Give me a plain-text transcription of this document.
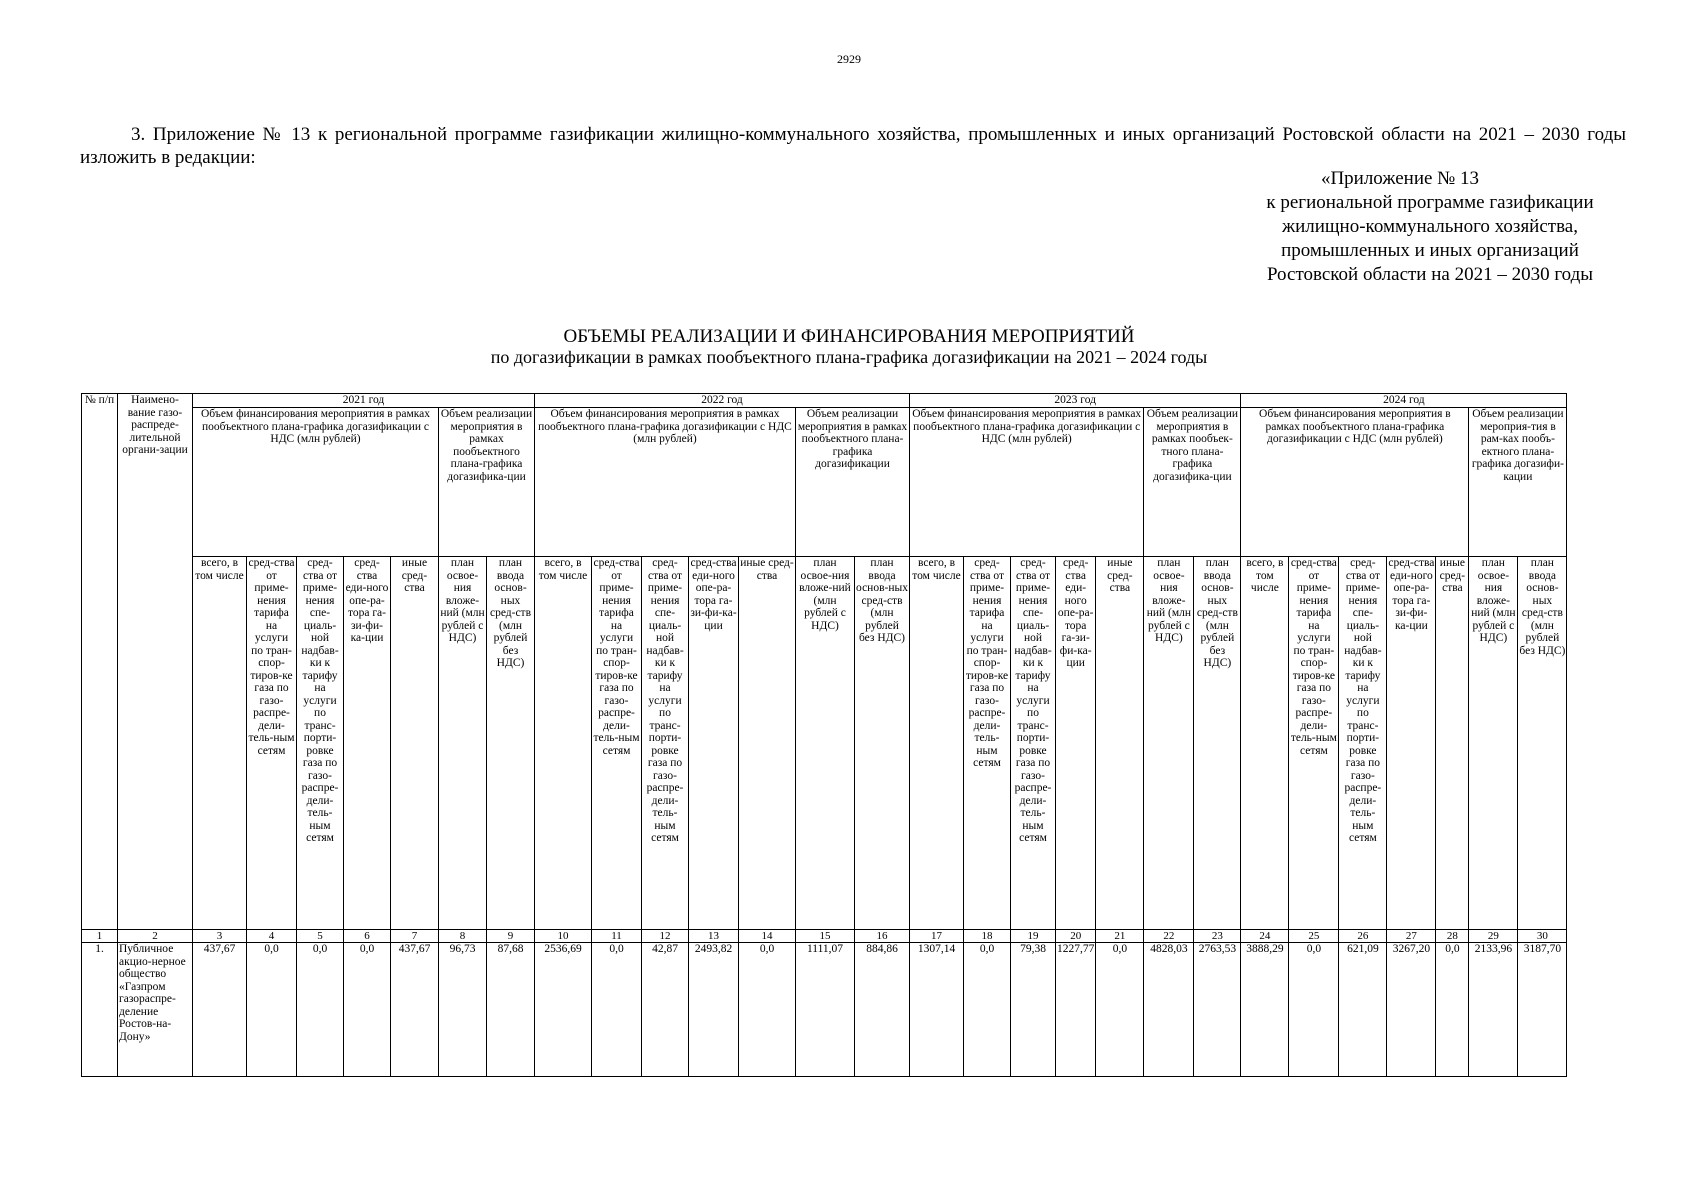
2929
3. Приложение № 13 к региональной программе газификации жилищно-коммунального хозяйства, промышленных и иных организаций Ростовской области на 2021 – 2030 годы изложить в редакции:
«Приложение № 13
к региональной программе газификации
жилищно-коммунального хозяйства,
промышленных и иных организаций
Ростовской области на 2021 – 2030 годы
ОБЪЕМЫ РЕАЛИЗАЦИИ И ФИНАНСИРОВАНИЯ МЕРОПРИЯТИЙ
по догазификации в рамках пообъектного плана-графика догазификации на 2021 – 2024 годы
№ п/п	Наимено-вание газо-распреде-лительной органи-зации	2021 год							2022 год							2023 год							2024 год						
		Объем финансирования мероприятия в рамках пообъектного плана-графика догазификации с НДС (млн рублей)					Объем реализации мероприятия в рамках пообъектного плана-графика догазифика-ции		Объем финансирования мероприятия в рамках пообъектного плана-графика догазификации с НДС (млн рублей)					Объем реализации мероприятия в рамках пообъектного плана-графика догазификации		Объем финансирования мероприятия в рамках пообъектного плана-графика догазификации с НДС (млн рублей)					Объем реализации мероприятия в рамках пообъек-тного плана-графика догазифика-ции		Объем финансирования мероприятия в рамках пообъектного плана-графика догазификации с НДС (млн рублей)					Объем реализации мероприя-тия в рам-ках пообъ-ектного плана-графика догазифи-кации	
		всего, в том числе	сред-ства от приме-нения тарифа на услуги по тран-спор-тиров-ке газа по газо-распре-дели-тель-ным сетям	сред-ства от приме-нения спе-циаль-ной надбав-ки к тарифу на услуги по транс-порти-ровке газа по газо-распре-дели-тель-ным сетям	сред-ства еди-ного опе-ра-тора га-зи-фи-ка-ции	иные сред-ства	план освое-ния вложе-ний (млн рублей с НДС)	план ввода основ-ных сред-ств (млн рублей без НДС)	всего, в том числе	сред-ства от приме-нения тарифа на услуги по тран-спор-тиров-ке газа по газо-распре-дели-тель-ным сетям	сред-ства от приме-нения спе-циаль-ной надбав-ки к тарифу на услуги по транс-порти-ровке газа по газо-распре-дели-тель-ным сетям	сред-ства еди-ного опе-ра-тора га-зи-фи-ка-ции	иные сред-ства	план освое-ния вложе-ний (млн рублей с НДС)	план ввода основ-ных сред-ств (млн рублей без НДС)	всего, в том числе	сред-ства от приме-нения тарифа на услуги по тран-спор-тиров-ке газа по газо-распре-дели-тель-ным сетям	сред-ства от приме-нения спе-циаль-ной надбав-ки к тарифу на услуги по транс-порти-ровке газа по газо-распре-дели-тель-ным сетям	сред-ства еди-ного опе-ра-тора га-зи-фи-ка-ции	иные сред-ства	план освое-ния вложе-ний (млн рублей с НДС)	план ввода основ-ных сред-ств (млн рублей без НДС)	всего, в том числе	сред-ства от приме-нения тарифа на услуги по тран-спор-тиров-ке газа по газо-распре-дели-тель-ным сетям	сред-ства от приме-нения спе-циаль-ной надбав-ки к тарифу на услуги по транс-порти-ровке газа по газо-распре-дели-тель-ным сетям	сред-ства еди-ного опе-ра-тора га-зи-фи-ка-ции	иные сред-ства	план освое-ния вложе-ний (млн рублей с НДС)	план ввода основ-ных сред-ств (млн рублей без НДС)
1	2	3	4	5	6	7	8	9	10	11	12	13	14	15	16	17	18	19	20	21	22	23	24	25	26	27	28	29	30
1.	Публичное акцио-нерное общество «Газпром газораспре-деление Ростов-на-Дону»	437,67	0,0	0,0	0,0	437,67	96,73	87,68	2536,69	0,0	42,87	2493,82	0,0	1111,07	884,86	1307,14	0,0	79,38	1227,77	0,0	4828,03	2763,53	3888,29	0,0	621,09	3267,20	0,0	2133,96	3187,70
